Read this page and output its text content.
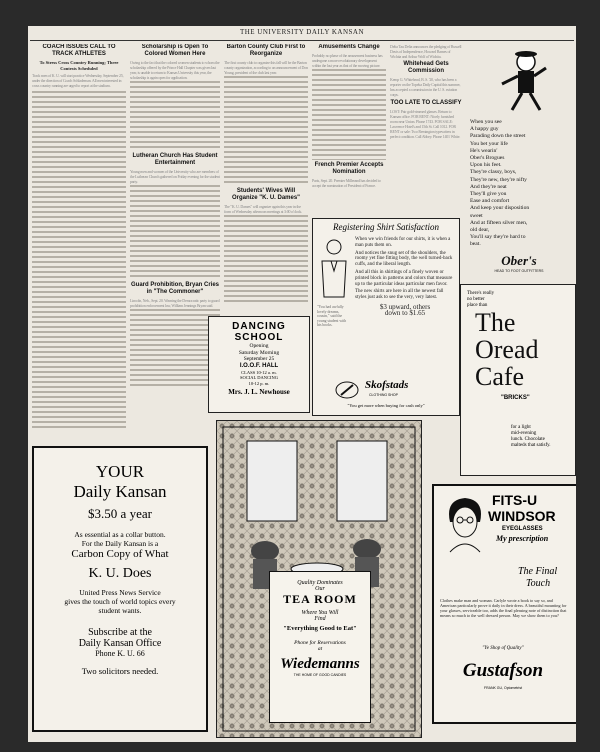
THE UNIVERSITY DAILY KANSAN
COACH ISSUES CALL TO TRACK ATHLETES
To Stress Cross Country Running; Three Contests Scheduled
Track men of K. U. will start practice Wednesday, September 25, under the direction of Coach Schlademan. All men interested in cross country running are urged to report at the stadium.
Scholarship is Open To Colored Women Here
Owing to the fact that the colored women students to whom the scholarship offered by the Prince Hall Chapter was given last year, is unable to return to Kansas University this year, the scholarship is again open for application.
Lutheran Church Has Student Entertainment
Young men and women of the University who are members of the Lutheran Church gathered on Friday evening for the student party.
Guard Prohibition, Bryan Cries in "The Commoner"
Lincoln, Neb., Sept. 20. Warning the Democratic party to guard prohibition enforcement law, William Jennings Bryan said.
Barton County Club First to Reorganize
The first county club to organize this fall will be the Barton county organization, according to an announcement of Don Young, president of the club last year.
Students' Wives Will Organize "K. U. Dames"
The "K. U. Dames" will organize again this year in the form of Wednesday afternoon meetings at 3:00 o'clock.
Amusements Change
Probably no phase of the amusement business has undergone a more revolutionary development within the last year as that of the moving picture.
French Premier Accepts Nomination
Paris, Sept. 20. Premier Millerand has decided to accept the nomination of President of France.
Delta Tau Delta announces the pledging of Russell Davis of Independence, Howard Barnes of Wichita and Arthur Wolf of Wichita.
Whitehead Gets Commission
Kemp G. Whitehead, B. S. '20, who has been a reporter on the Topeka Daily Capital this summer, has accepted a commission in the U. S. aviation corps.
TOO LATE TO CLASSIFY
LOST: Pair gold-rimmed glasses. Return to Kansan office. FOR RENT: Nicely furnished room near Union. Phone 1743. FOR SALE: Lawrence Hotel's and 15th St. Call 1012. FOR RENT or sale: Two Remington typewriters in perfect condition. Call Abbey. Phone 1401 White.
When you see
A happy guy
Parading down the street
You bet your life
He's wearin'
Ober's Brogues
Upon his feet.
They're classy, boys,
They're new, they're nifty
And they're neat
They'll give you
Ease and comfort
And keep your disposition
sweet
And at fifteen silver men,
old dear,
You'll say they're hard to
beat.
Ober's
HEAD TO FOOT OUTFITTERS
DANCING
SCHOOL
Opening
Saturday Morning
September 25
I.O.O.F. HALL
CLASS 10-12 a. m.
SOCIAL DANCING
10-12 p. m.
Mrs. J. L. Newhouse
Registering Shirt Satisfaction
"You had awfully lovely dreams, cousin," said the young student with his books.
When we win friends for our shirts, it is when a man puts them on.
And notices the snug set of the shoulders, the roomy yet fine fitting body, the well turned-back cuffs, and the liberal length.
And all this in shirtings of a finely woven or printed block in patterns and colors that measure up to the particular ideas particular men favor.
The new shirts are here in all the newest fall styles just ask to see the very, very latest.
$3 upward, others
down to $1.65
Skofstads
CLOTHING SHOP
"You get more when buying for cash only"
There's really
no better
place than
The
Oread
Cafe
"BRICKS"
for a light
mid-evening
lunch. Chocolate
malteds that satisfy.
YOUR
Daily Kansan
$3.50 a year
As essential as a collar button.
For the Daily Kansan is a
Carbon Copy of What
K. U. Does
United Press News Service
gives the touch of world topics every
student wants.
Subscribe at the
Daily Kansan Office
Phone K. U. 66
Two solicitors needed.
Quality Dominates
Our
TEA ROOM
Where You Will
Find
"Everything Good to Eat"
Phone for Reservations
at
Wiedemanns
THE HOME OF GOOD CANDIES
FITS-U
WINDSOR
EYEGLASSES
My prescription
The Final
Touch
Clothes make man and woman. Carlyle wrote a book to say so, and American particularly prove it daily in their dress. A beautiful mounting for your glasses, serviceable too, adds the final pleasing note of distinction that means so much to the well dressed person. May we show them to you?
"Ye Shop of Quality"
Gustafson
FRANK GU, Optometrist
